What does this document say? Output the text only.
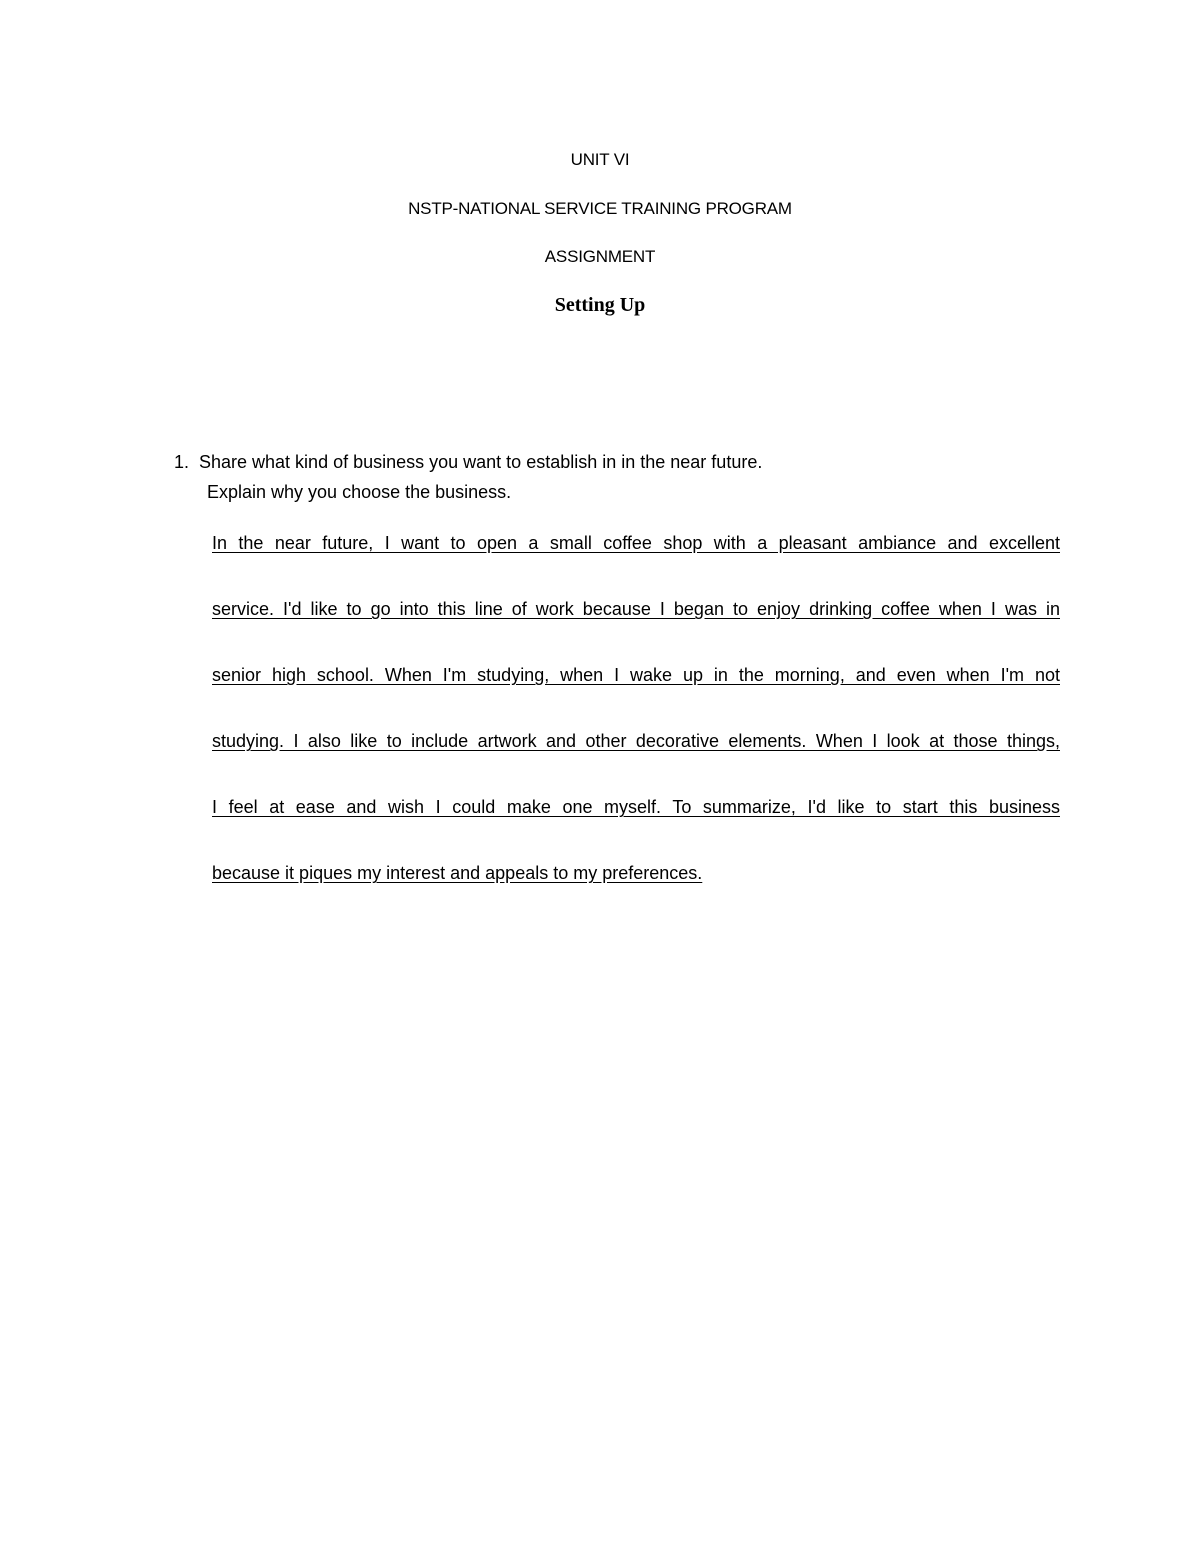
UNIT VI
NSTP-NATIONAL SERVICE TRAINING PROGRAM
ASSIGNMENT
Setting Up
1. Share what kind of business you want to establish in in the near future.
Explain why you choose the business.
In the near future, I want to open a small coffee shop with a pleasant ambiance and excellent
service. I'd like to go into this line of work because I began to enjoy drinking coffee when I was in
senior high school. When I'm studying, when I wake up in the morning, and even when I'm not
studying. I also like to include artwork and other decorative elements. When I look at those things,
I feel at ease and wish I could make one myself. To summarize, I'd like to start this business
because it piques my interest and appeals to my preferences.
